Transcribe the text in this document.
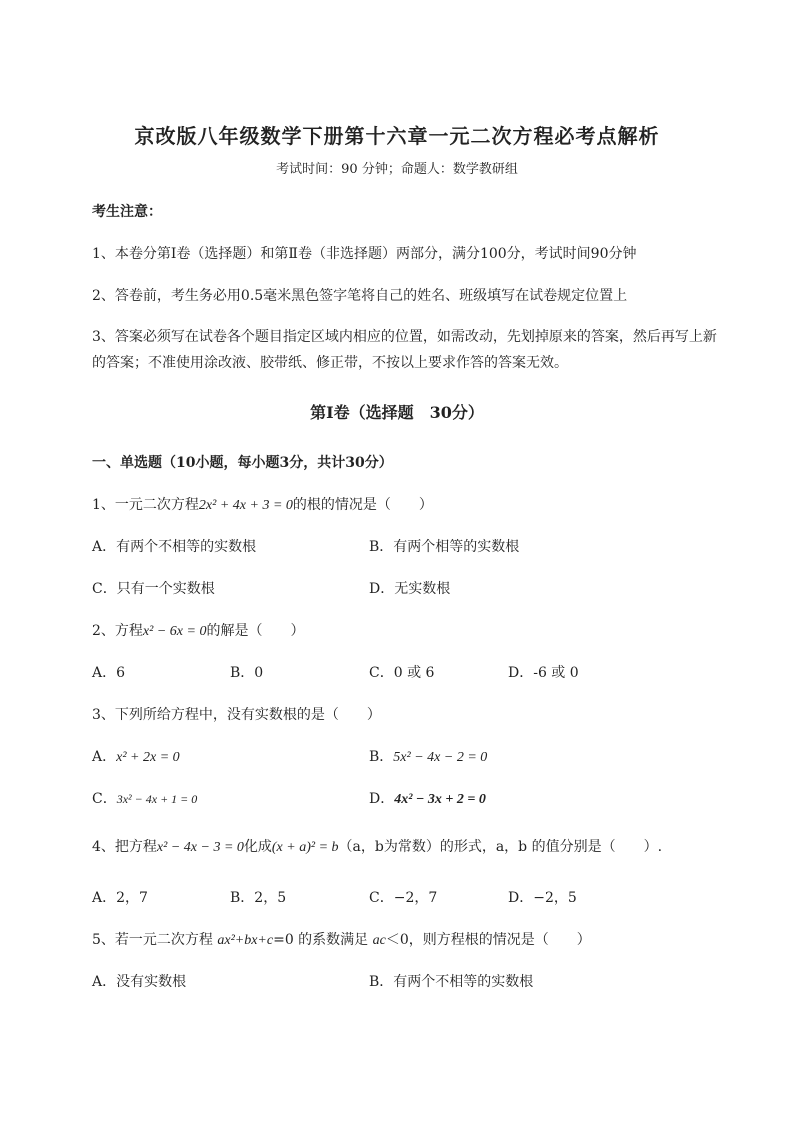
京改版八年级数学下册第十六章一元二次方程必考点解析
考试时间：90 分钟；命题人：数学教研组
考生注意：
1、本卷分第Ⅰ卷（选择题）和第Ⅱ卷（非选择题）两部分，满分100分，考试时间90分钟
2、答卷前，考生务必用0.5毫米黑色签字笔将自己的姓名、班级填写在试卷规定位置上
3、答案必须写在试卷各个题目指定区域内相应的位置，如需改动，先划掉原来的答案，然后再写上新
的答案；不准使用涂改液、胶带纸、修正带，不按以上要求作答的答案无效。
第Ⅰ卷（选择题　30分）
一、单选题（10小题，每小题3分，共计30分）
1、一元二次方程2x² + 4x + 3 = 0的根的情况是（　　）
A．有两个不相等的实数根	B．有两个相等的实数根
C．只有一个实数根	D．无实数根
2、方程x² − 6x = 0的解是（　　）
A．6	B．0	C．0 或 6	D．-6 或 0
3、下列所给方程中，没有实数根的是（　　）
A．x² + 2x = 0	B．5x² − 4x − 2 = 0
C．3x² − 4x + 1 = 0	D．4x² − 3x + 2 = 0
4、把方程x² − 4x − 3 = 0化成(x + a)² = b（a，b为常数）的形式，a，b 的值分别是（　　）.
A．2，7	B．2，5	C．−2，7	D．−2，5
5、若一元二次方程 ax²+bx+c=0 的系数满足 ac＜0，则方程根的情况是（　　）
A．没有实数根	B．有两个不相等的实数根
